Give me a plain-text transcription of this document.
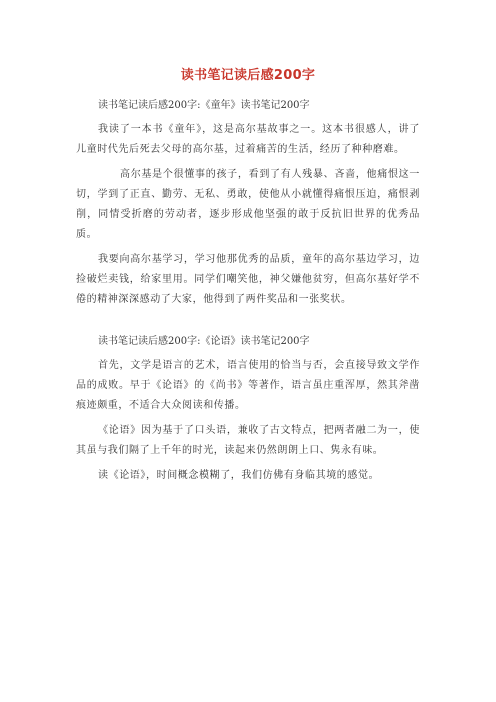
读书笔记读后感200字
读书笔记读后感200字:《童年》读书笔记200字

我读了一本书《童年》，这是高尔基故事之一。这本书很感人，讲了儿童时代先后死去父母的高尔基，过着痛苦的生活，经历了种种磨难。

高尔基是个很懂事的孩子，看到了有人残暴、吝啬，他痛恨这一切，学到了正直、勤劳、无私、勇敢，使他从小就懂得痛恨压迫，痛恨剥削，同情受折磨的劳动者，逐步形成他坚强的敢于反抗旧世界的优秀品质。

我要向高尔基学习，学习他那优秀的品质，童年的高尔基边学习，边捡破烂卖钱，给家里用。同学们嘲笑他，神父嫌他贫穷，但高尔基好学不倦的精神深深感动了大家，他得到了两件奖品和一张奖状。

读书笔记读后感200字:《论语》读书笔记200字

首先，文学是语言的艺术，语言使用的恰当与否，会直接导致文学作品的成败。早于《论语》的《尚书》等著作，语言虽庄重浑厚，然其斧凿痕迹颇重，不适合大众阅读和传播。

《论语》因为基于了口头语，兼收了古文特点，把两者融二为一，使其虽与我们隔了上千年的时光，读起来仍然朗朗上口、隽永有味。

读《论语》，时间概念模糊了，我们仿佛有身临其境的感觉。
